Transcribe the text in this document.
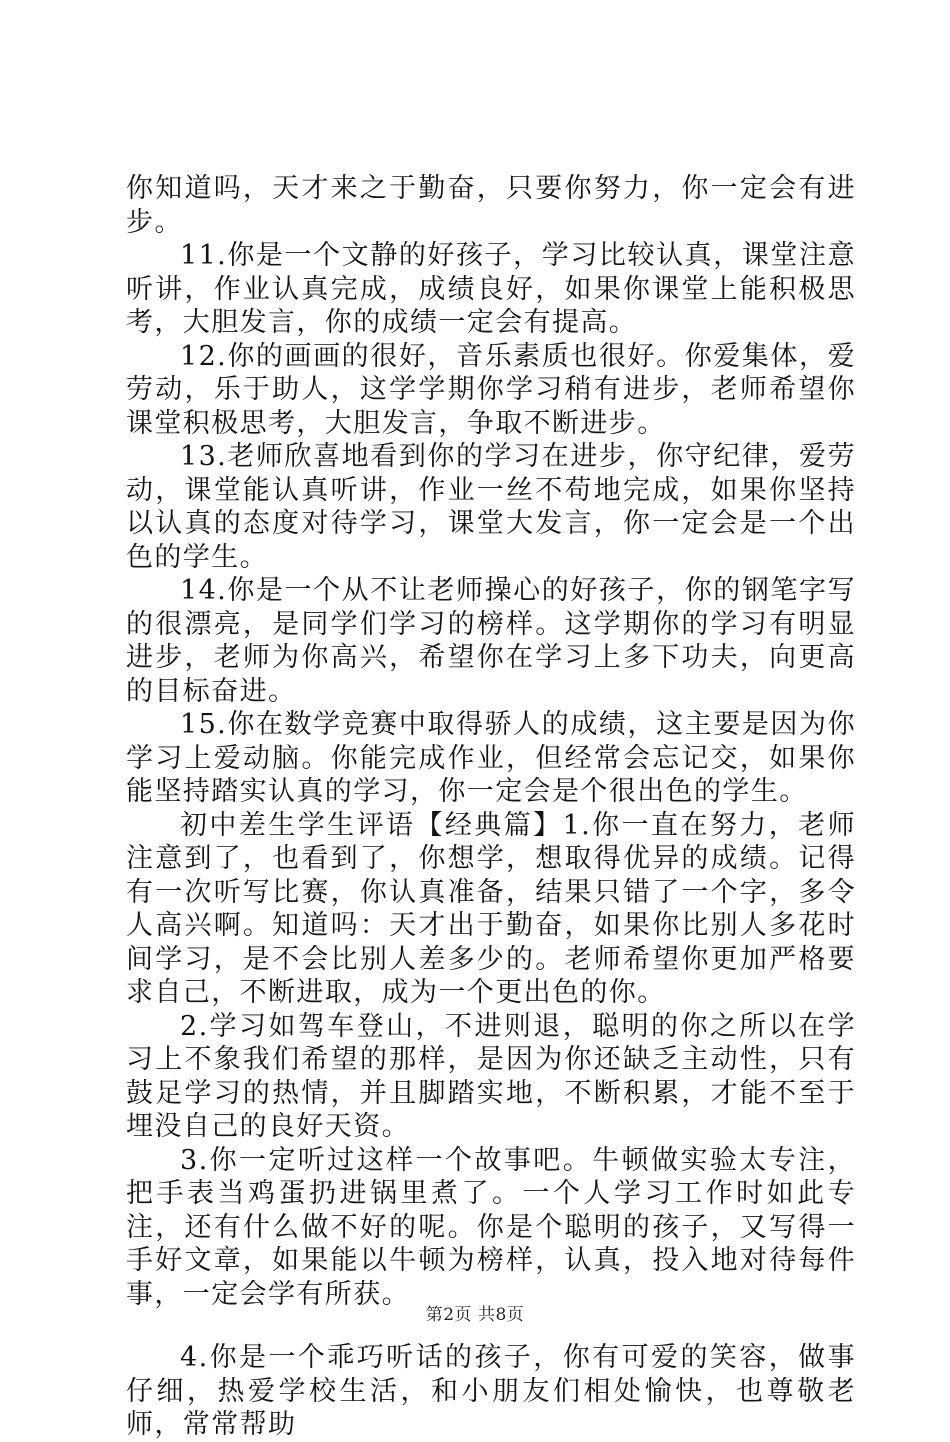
你知道吗，天才来之于勤奋，只要你努力，你一定会有进步。

11.你是一个文静的好孩子，学习比较认真，课堂注意听讲，作业认真完成，成绩良好，如果你课堂上能积极思考，大胆发言，你的成绩一定会有提高。

12.你的画画的很好，音乐素质也很好。你爱集体，爱劳动，乐于助人，这学学期你学习稍有进步，老师希望你课堂积极思考，大胆发言，争取不断进步。

13.老师欣喜地看到你的学习在进步，你守纪律，爱劳动，课堂能认真听讲，作业一丝不苟地完成，如果你坚持以认真的态度对待学习，课堂大发言，你一定会是一个出色的学生。

14.你是一个从不让老师操心的好孩子，你的钢笔字写的很漂亮，是同学们学习的榜样。这学期你的学习有明显进步，老师为你高兴，希望你在学习上多下功夫，向更高的目标奋进。

15.你在数学竞赛中取得骄人的成绩，这主要是因为你学习上爱动脑。你能完成作业，但经常会忘记交，如果你能坚持踏实认真的学习，你一定会是个很出色的学生。

初中差生学生评语【经典篇】1.你一直在努力，老师注意到了，也看到了，你想学，想取得优异的成绩。记得有一次听写比赛，你认真准备，结果只错了一个字，多令人高兴啊。知道吗：天才出于勤奋，如果你比别人多花时间学习，是不会比别人差多少的。老师希望你更加严格要求自己，不断进取，成为一个更出色的你。

2.学习如驾车登山，不进则退，聪明的你之所以在学习上不象我们希望的那样，是因为你还缺乏主动性，只有鼓足学习的热情，并且脚踏实地，不断积累，才能不至于埋没自己的良好天资。

3.你一定听过这样一个故事吧。牛顿做实验太专注，把手表当鸡蛋扔进锅里煮了。一个人学习工作时如此专注，还有什么做不好的呢。你是个聪明的孩子，又写得一手好文章，如果能以牛顿为榜样，认真，投入地对待每件事，一定会学有所获。

4.你是一个乖巧听话的孩子，你有可爱的笑容，做事仔细，热爱学校生活，和小朋友们相处愉快，也尊敬老师，常常帮助

第2页 共8页
